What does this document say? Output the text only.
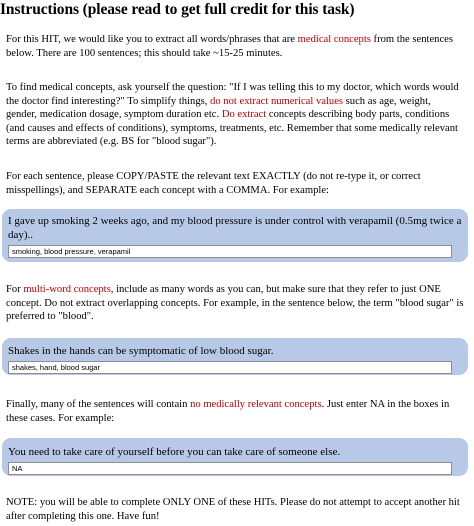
Instructions (please read to get full credit for this task)

For this HIT, we would like you to extract all words/phrases that are medical concepts from the sentences below. There are 100 sentences; this should take ~15-25 minutes.

To find medical concepts, ask yourself the question: "If I was telling this to my doctor, which words would the doctor find interesting?" To simplify things, do not extract numerical values such as age, weight, gender, medication dosage, symptom duration etc. Do extract concepts describing body parts, conditions (and causes and effects of conditions), symptoms, treatments, etc. Remember that some medically relevant terms are abbreviated (e.g. BS for "blood sugar").

For each sentence, please COPY/PASTE the relevant text EXACTLY (do not re-type it, or correct misspellings), and SEPARATE each concept with a COMMA. For example:

I gave up smoking 2 weeks ago, and my blood pressure is under control with verapamil (0.5mg twice a day)..
smoking, blood pressure, verapamil

For multi-word concepts, include as many words as you can, but make sure that they refer to just ONE concept. Do not extract overlapping concepts. For example, in the sentence below, the term "blood sugar" is preferred to "blood".

Shakes in the hands can be symptomatic of low blood sugar.
shakes, hand, blood sugar

Finally, many of the sentences will contain no medically relevant concepts. Just enter NA in the boxes in these cases. For example:

You need to take care of yourself before you can take care of someone else.
NA

NOTE: you will be able to complete ONLY ONE of these HITs. Please do not attempt to accept another hit after completing this one. Have fun!
